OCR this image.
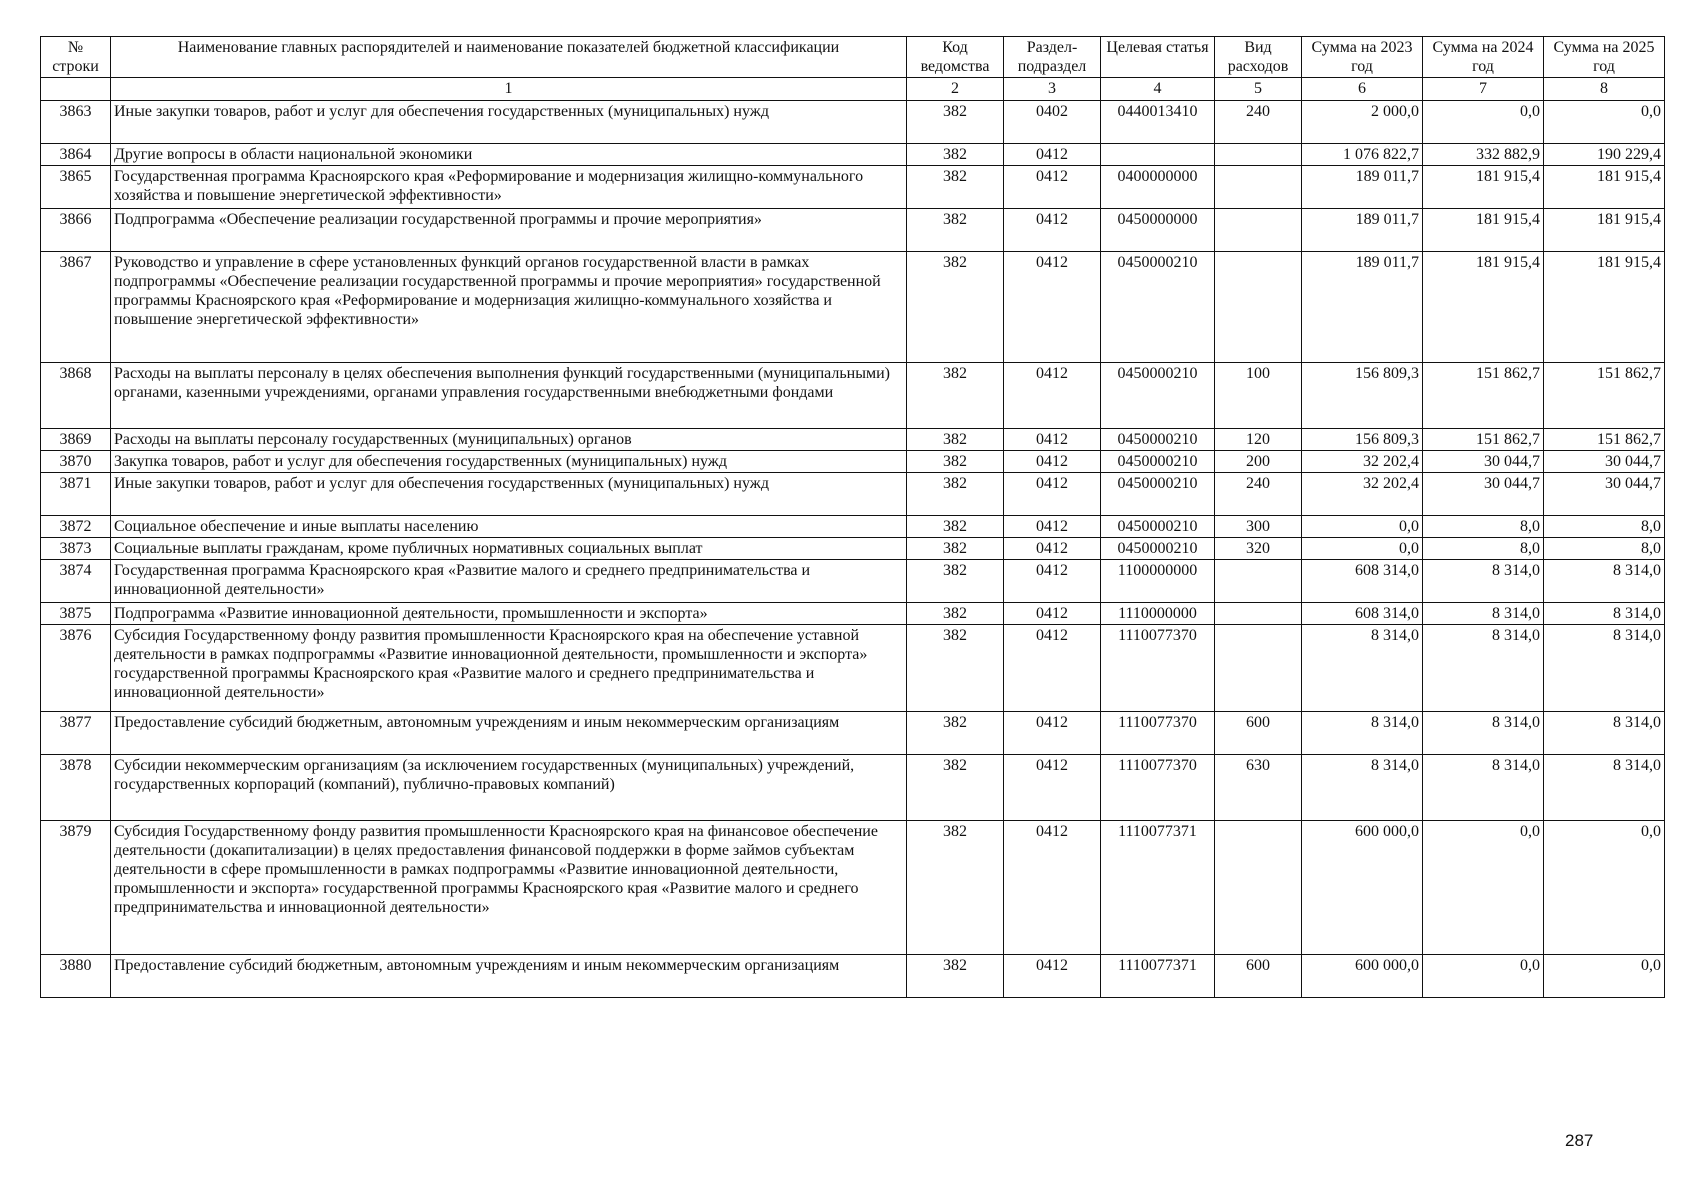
№ строки	Наименование главных распорядителей и наименование показателей бюджетной классификации	Код ведомства	Раздел-подраздел	Целевая статья	Вид расходов	Сумма на 2023 год	Сумма на 2024 год	Сумма на 2025 год
	1	2	3	4	5	6	7	8
3863	Иные закупки товаров, работ и услуг для обеспечения государственных (муниципальных) нужд	382	0402	0440013410	240	2 000,0	0,0	0,0
3864	Другие вопросы в области национальной экономики	382	0412			1 076 822,7	332 882,9	190 229,4
3865	Государственная программа Красноярского края «Реформирование и модернизация жилищно-коммунального хозяйства и повышение энергетической эффективности»	382	0412	0400000000		189 011,7	181 915,4	181 915,4
3866	Подпрограмма «Обеспечение реализации государственной программы и прочие мероприятия»	382	0412	0450000000		189 011,7	181 915,4	181 915,4
3867	Руководство и управление в сфере установленных функций органов государственной власти в рамках подпрограммы «Обеспечение реализации государственной программы и прочие мероприятия» государственной программы Красноярского края «Реформирование и модернизация жилищно-коммунального хозяйства и повышение энергетической эффективности»	382	0412	0450000210		189 011,7	181 915,4	181 915,4
3868	Расходы на выплаты персоналу в целях обеспечения выполнения функций государственными (муниципальными) органами, казенными учреждениями, органами управления государственными внебюджетными фондами	382	0412	0450000210	100	156 809,3	151 862,7	151 862,7
3869	Расходы на выплаты персоналу государственных (муниципальных) органов	382	0412	0450000210	120	156 809,3	151 862,7	151 862,7
3870	Закупка товаров, работ и услуг для обеспечения государственных (муниципальных) нужд	382	0412	0450000210	200	32 202,4	30 044,7	30 044,7
3871	Иные закупки товаров, работ и услуг для обеспечения государственных (муниципальных) нужд	382	0412	0450000210	240	32 202,4	30 044,7	30 044,7
3872	Социальное обеспечение и иные выплаты населению	382	0412	0450000210	300	0,0	8,0	8,0
3873	Социальные выплаты гражданам, кроме публичных нормативных социальных выплат	382	0412	0450000210	320	0,0	8,0	8,0
3874	Государственная программа Красноярского края «Развитие малого и среднего предпринимательства и инновационной деятельности»	382	0412	1100000000		608 314,0	8 314,0	8 314,0
3875	Подпрограмма «Развитие инновационной деятельности, промышленности и экспорта»	382	0412	1110000000		608 314,0	8 314,0	8 314,0
3876	Субсидия Государственному фонду развития промышленности Красноярского края на обеспечение уставной деятельности в рамках подпрограммы «Развитие инновационной деятельности, промышленности и экспорта» государственной программы Красноярского края «Развитие малого и среднего предпринимательства и инновационной деятельности»	382	0412	1110077370		8 314,0	8 314,0	8 314,0
3877	Предоставление субсидий бюджетным, автономным учреждениям и иным некоммерческим организациям	382	0412	1110077370	600	8 314,0	8 314,0	8 314,0
3878	Субсидии некоммерческим организациям (за исключением государственных (муниципальных) учреждений, государственных корпораций (компаний), публично-правовых компаний)	382	0412	1110077370	630	8 314,0	8 314,0	8 314,0
3879	Субсидия Государственному фонду развития промышленности Красноярского края на финансовое обеспечение деятельности (докапитализации) в целях предоставления финансовой поддержки в форме займов субъектам деятельности в сфере промышленности в рамках подпрограммы «Развитие инновационной деятельности, промышленности и экспорта» государственной программы Красноярского края «Развитие малого и среднего предпринимательства и инновационной деятельности»	382	0412	1110077371		600 000,0	0,0	0,0
3880	Предоставление субсидий бюджетным, автономным учреждениям и иным некоммерческим организациям	382	0412	1110077371	600	600 000,0	0,0	0,0
287
